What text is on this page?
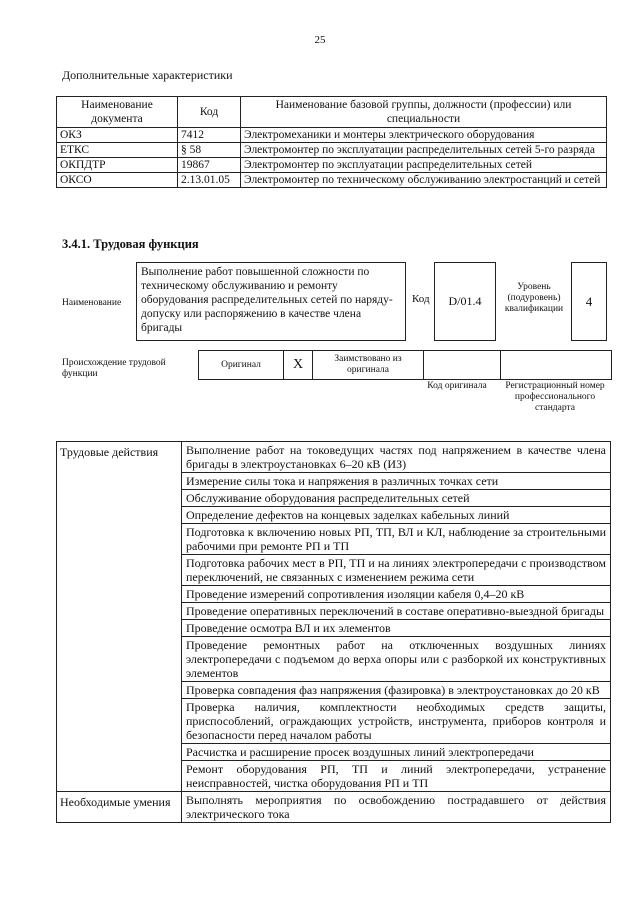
25
Дополнительные характеристики
Наименование документа	Код	Наименование базовой группы, должности (профессии) или специальности
ОКЗ	7412	Электромеханики и монтеры электрического оборудования
ЕТКС	§ 58	Электромонтер по эксплуатации распределительных сетей 5-го разряда
ОКПДТР	19867	Электромонтер по эксплуатации распределительных сетей
ОКСО	2.13.01.05	Электромонтер по техническому обслуживанию электростанций и сетей
3.4.1. Трудовая функция
Наименование
Выполнение работ повышенной сложности по техническому обслуживанию и ремонту оборудования распределительных сетей по наряду-допуску или распоряжению в качестве члена бригады
Код	D/01.4
Уровень (подуровень) квалификации
4
Происхождение трудовой функции
Оригинал	X	Заимствовано из оригинала		
Код оригинала	Регистрационный номер профессионального стандарта
Трудовые действия	Выполнение работ на токоведущих частях под напряжением в качестве члена бригады в электроустановках 6–20 кВ (ИЗ)
	Измерение силы тока и напряжения в различных точках сети
	Обслуживание оборудования распределительных сетей
	Определение дефектов на концевых заделках кабельных линий
	Подготовка к включению новых РП, ТП, ВЛ и КЛ, наблюдение за строительными рабочими при ремонте РП и ТП
	Подготовка рабочих мест в РП, ТП и на линиях электропередачи с производством переключений, не связанных с изменением режима сети
	Проведение измерений сопротивления изоляции кабеля 0,4–20 кВ
	Проведение оперативных переключений в составе оперативно-выездной бригады
	Проведение осмотра ВЛ и их элементов
	Проведение ремонтных работ на отключенных воздушных линиях электропередачи с подъемом до верха опоры или с разборкой их конструктивных элементов
	Проверка совпадения фаз напряжения (фазировка) в электроустановках до 20 кВ
	Проверка наличия, комплектности необходимых средств защиты, приспособлений, ограждающих устройств, инструмента, приборов контроля и безопасности перед началом работы
	Расчистка и расширение просек воздушных линий электропередачи
	Ремонт оборудования РП, ТП и линий электропередачи, устранение неисправностей, чистка оборудования РП и ТП
Необходимые умения	Выполнять мероприятия по освобождению пострадавшего от действия электрического тока
